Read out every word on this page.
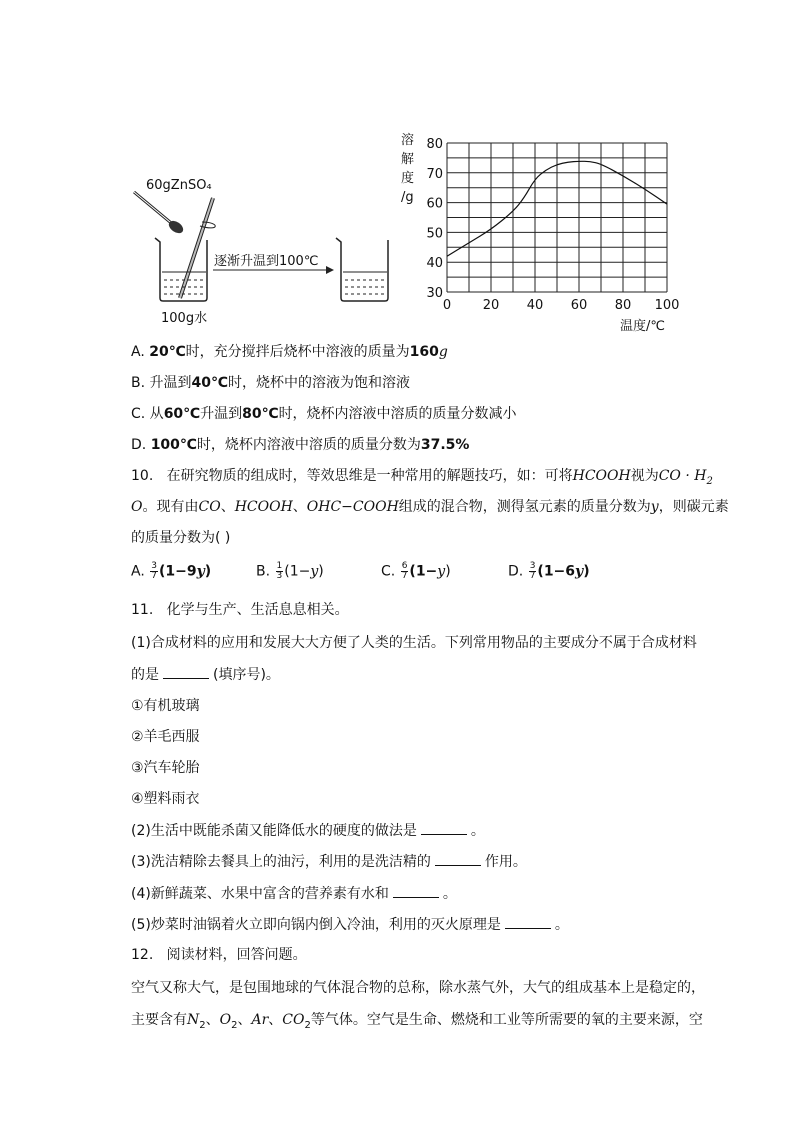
60gZnSO₄
逐渐升温到100℃
100g水
溶
解
度
/g
0 20 40 60 80 100
30
40
50
60
70
80
温度/℃
A. 20℃时，充分搅拌后烧杯中溶液的质量为160g
B. 升温到40℃时，烧杯中的溶液为饱和溶液
C. 从60℃升温到80℃时，烧杯内溶液中溶质的质量分数减小
D. 100℃时，烧杯内溶液中溶质的质量分数为37.5%
10. 在研究物质的组成时，等效思维是一种常用的解题技巧，如：可将HCOOH视为CO · $H_2$
O。现有由CO、HCOOH、OHC−COOH组成的混合物，测得氢元素的质量分数为y，则碳元素
的质量分数为( )
A. $\frac{3}{7} (1-9y)$	B. $\frac{1}{3} (1-y)$	C. $\frac{6}{7} (1-y)$	D. $\frac{3}{7} (1-6y)$
11. 化学与生产、生活息息相关。
(1)合成材料的应用和发展大大方便了人类的生活。下列常用物品的主要成分不属于合成材料
的是	(填序号)。
①有机玻璃
②羊毛西服
③汽车轮胎
④塑料雨衣
(2)生活中既能杀菌又能降低水的硬度的做法是	。
(3)洗洁精除去餐具上的油污，利用的是洗洁精的	作用。
(4)新鲜蔬菜、水果中富含的营养素有水和	。
(5)炒菜时油锅着火立即向锅内倒入冷油，利用的灭火原理是	。
12. 阅读材料，回答问题。
空气又称大气，是包围地球的气体混合物的总称，除水蒸气外，大气的组成基本上是稳定的，
主要含有$N_2$、$O_2$、Ar、$CO_2$等气体。空气是生命、燃烧和工业等所需要的氧的主要来源，空
